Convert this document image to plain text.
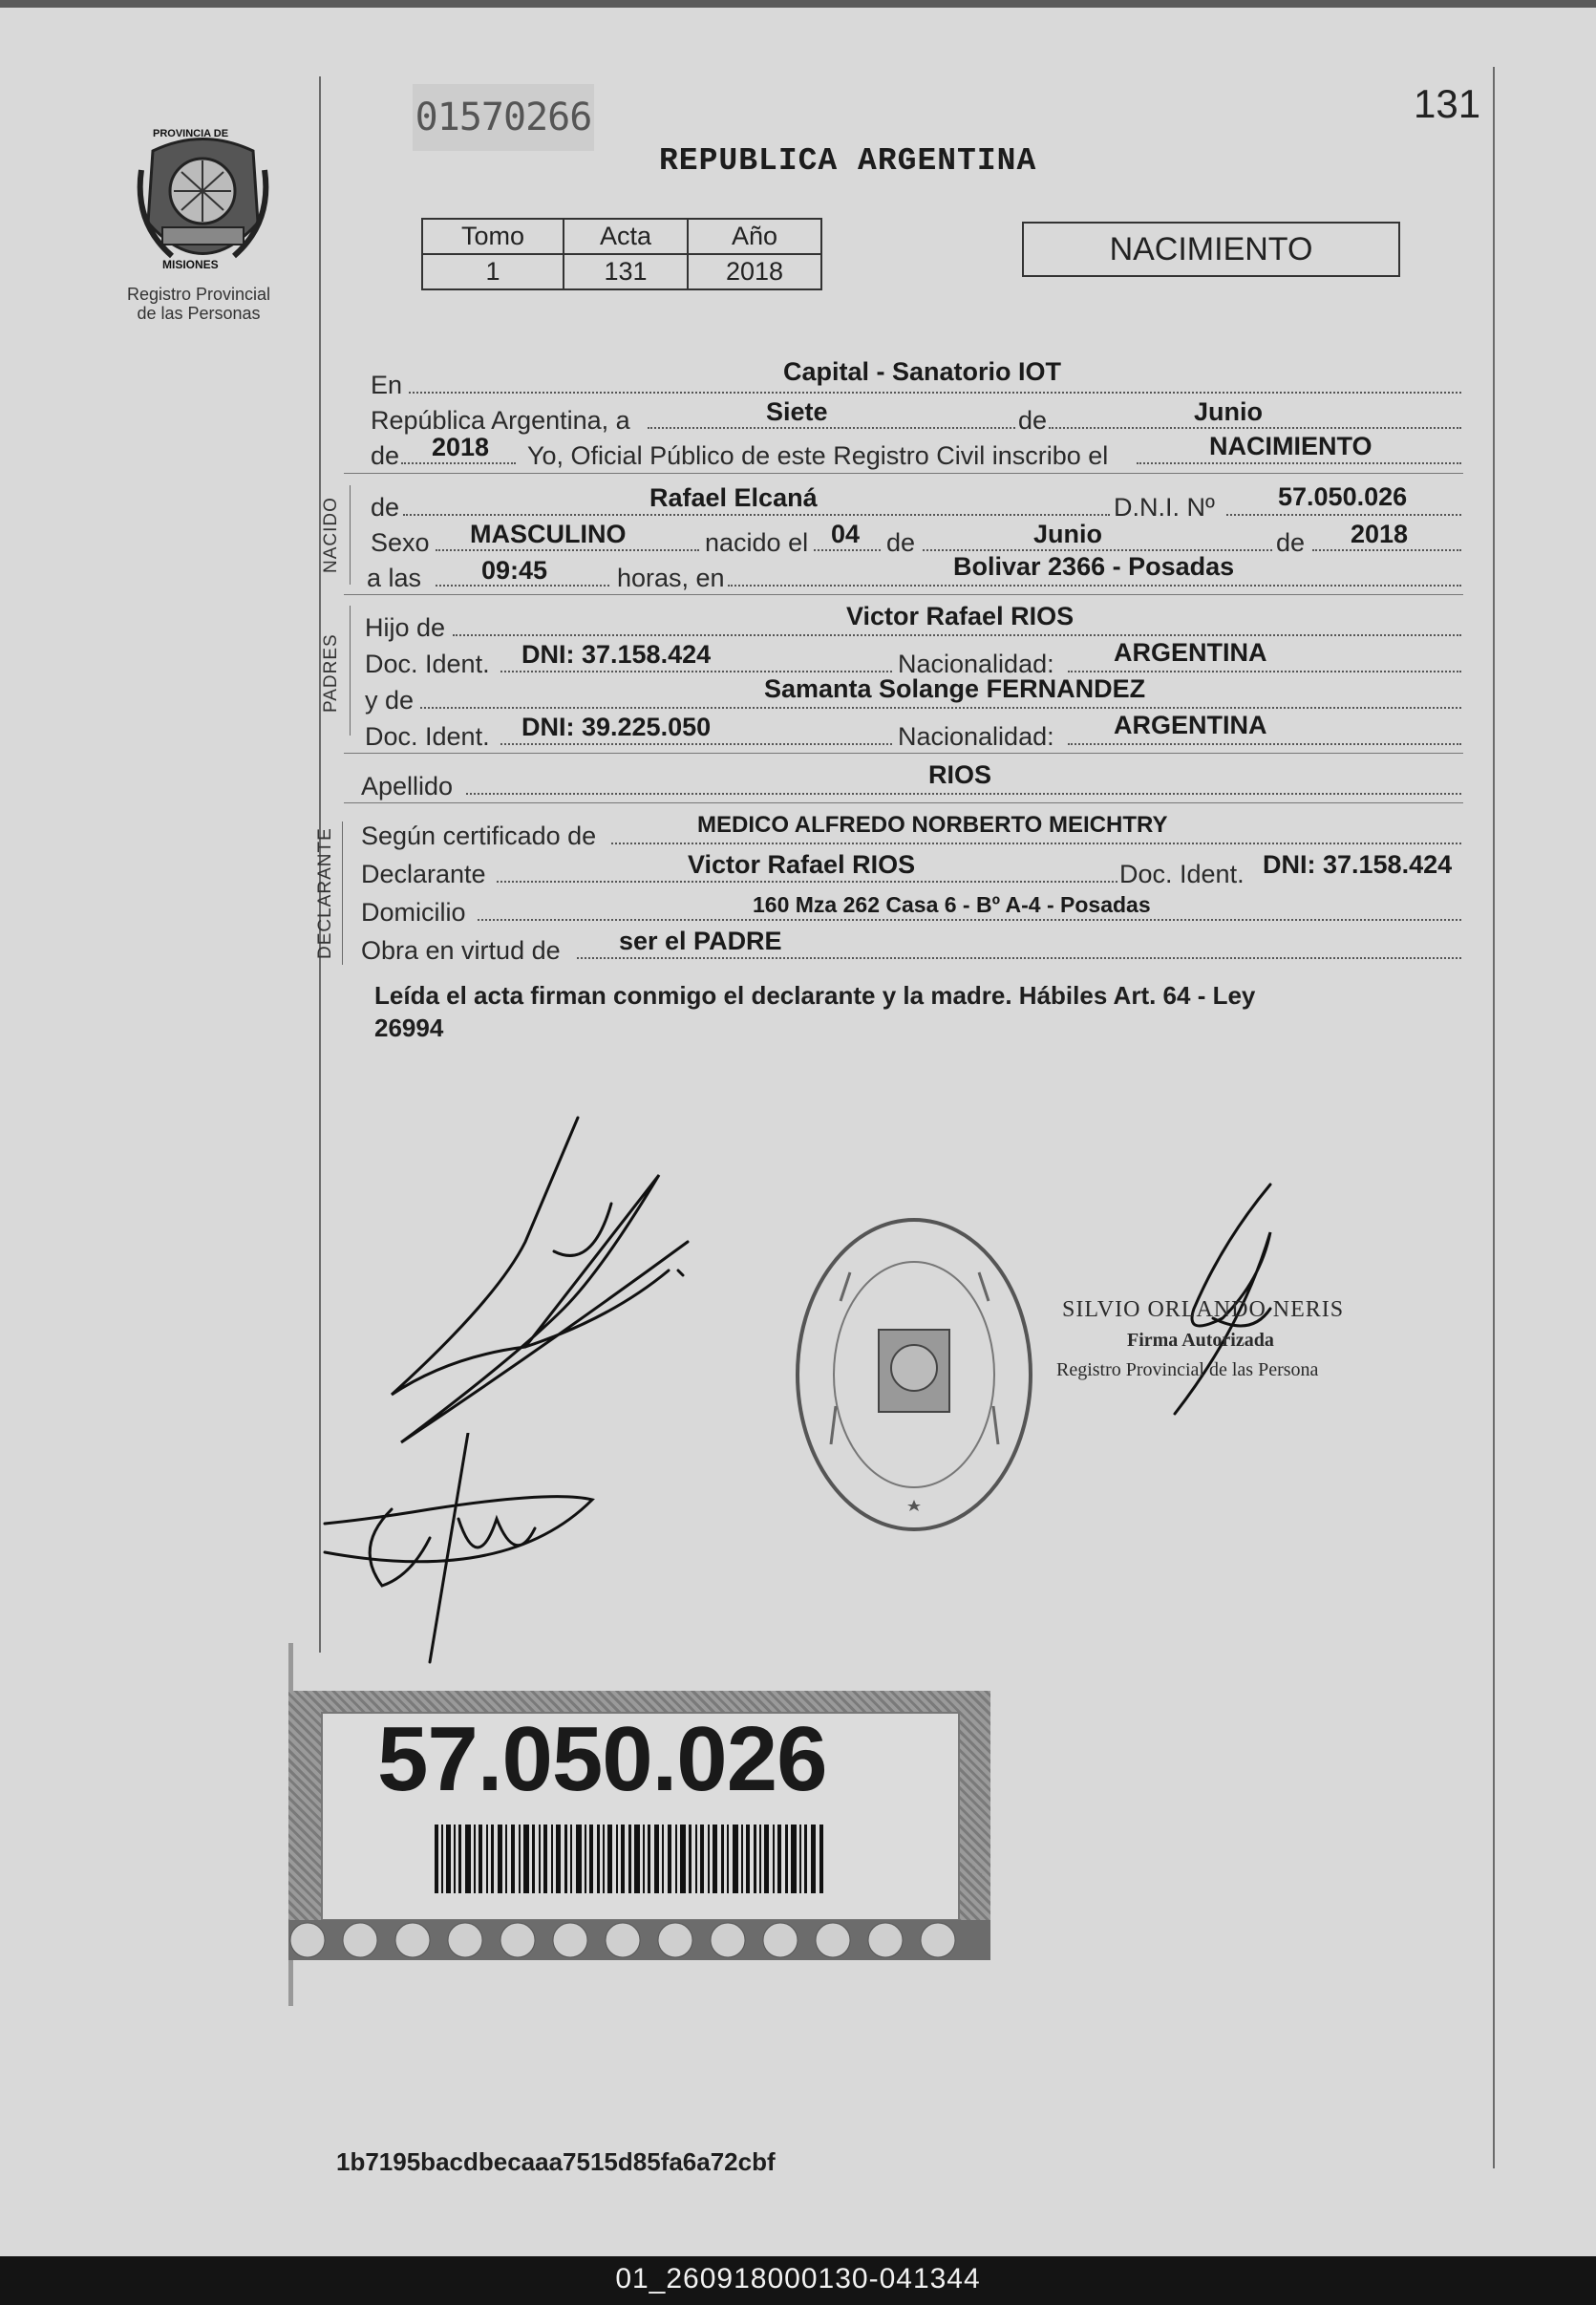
PROVINCIA DE
MISIONES
Registro Provincial
de las Personas
01570266
REPUBLICA ARGENTINA
131
Tomo	Acta	Año
1	131	2018
NACIMIENTO
En	Capital - Sanatorio IOT
República Argentina, a	Siete	de	Junio
de 2018 Yo, Oficial Público de este Registro Civil inscribo el	NACIMIENTO
NACIDO de	Rafael Elcaná	D.N.I. Nº 57.050.026
Sexo MASCULINO	nacido el 04 de	Junio	de 2018
a las 09:45	horas, en	Bolivar 2366 - Posadas
PADRES
Hijo de	Victor Rafael RIOS
Doc. Ident. DNI: 37.158.424	Nacionalidad: ARGENTINA
y de	Samanta Solange FERNANDEZ
Doc. Ident. DNI: 39.225.050	Nacionalidad: ARGENTINA
Apellido	RIOS
DECLARANTE Según certificado de	MEDICO ALFREDO NORBERTO MEICHTRY
Declarante	Victor Rafael RIOS	Doc. Ident. DNI: 37.158.424
Domicilio	160 Mza 262 Casa 6 - Bº A-4 - Posadas
Obra en virtud de ser el PADRE
Leída el acta firman conmigo el declarante y la madre. Hábiles Art. 64 - Ley
26994
SILVIO ORLANDO NERIS
Firma Autorizada
Registro Provincial de las Persona
57.050.026
1b7195bacdbecaaa7515d85fa6a72cbf
01_260918000130-041344
